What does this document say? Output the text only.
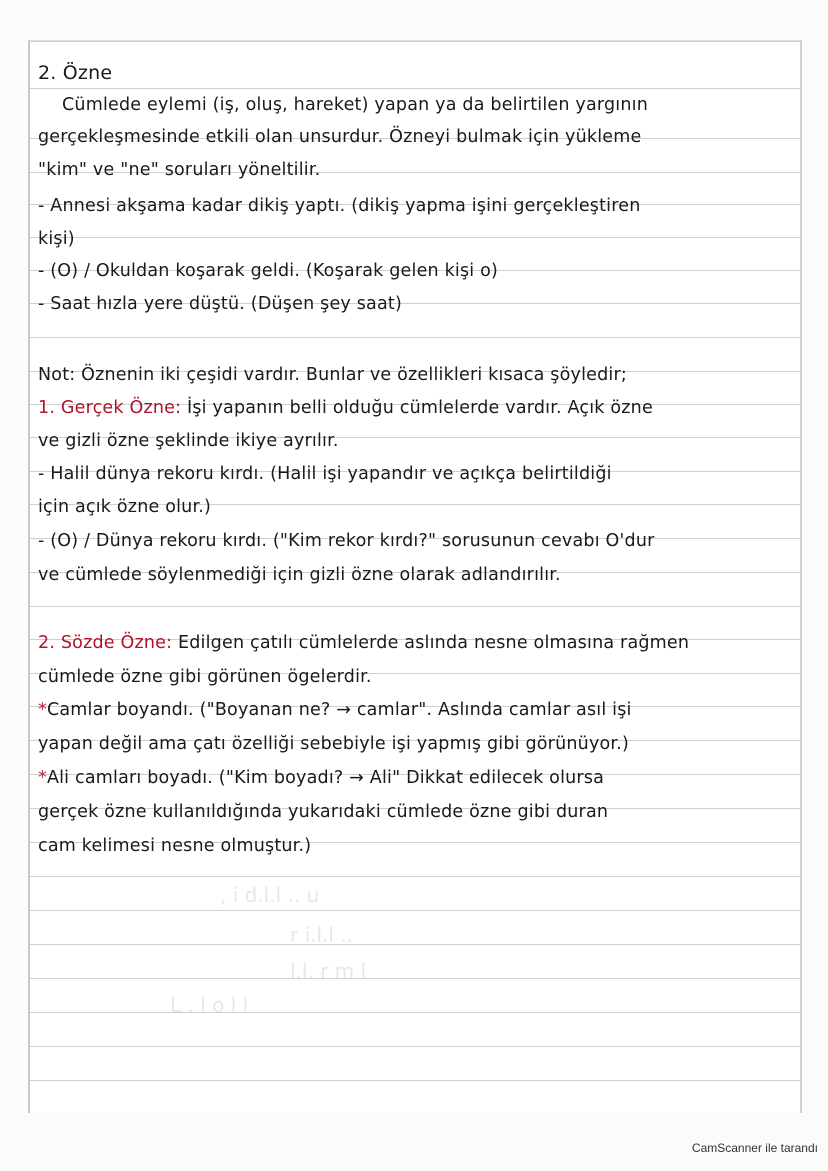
, i d.l.l .. u
r i.l.l ..
l.l. r m l
L . l o l l
2. Özne
Cümlede eylemi (iş, oluş, hareket) yapan ya da belirtilen yargının
gerçekleşmesinde etkili olan unsurdur. Özneyi bulmak için yükleme
"kim" ve "ne" soruları yöneltilir.
- Annesi akşama kadar dikiş yaptı. (dikiş yapma işini gerçekleştiren
kişi)
- (O) / Okuldan koşarak geldi. (Koşarak gelen kişi o)
- Saat hızla yere düştü. (Düşen şey saat)
Not: Öznenin iki çeşidi vardır. Bunlar ve özellikleri kısaca şöyledir;
1. Gerçek Özne: İşi yapanın belli olduğu cümlelerde vardır. Açık özne
ve gizli özne şeklinde ikiye ayrılır.
- Halil dünya rekoru kırdı. (Halil işi yapandır ve açıkça belirtildiği
için açık özne olur.)
- (O) / Dünya rekoru kırdı. ("Kim rekor kırdı?" sorusunun cevabı O'dur
ve cümlede söylenmediği için gizli özne olarak adlandırılır.
2. Sözde Özne: Edilgen çatılı cümlelerde aslında nesne olmasına rağmen
cümlede özne gibi görünen ögelerdir.
*Camlar boyandı. ("Boyanan ne? → camlar". Aslında camlar asıl işi
yapan değil ama çatı özelliği sebebiyle işi yapmış gibi görünüyor.)
*Ali camları boyadı. ("Kim boyadı? → Ali" Dikkat edilecek olursa
gerçek özne kullanıldığında yukarıdaki cümlede özne gibi duran
cam kelimesi nesne olmuştur.)
CamScanner ile tarandı
